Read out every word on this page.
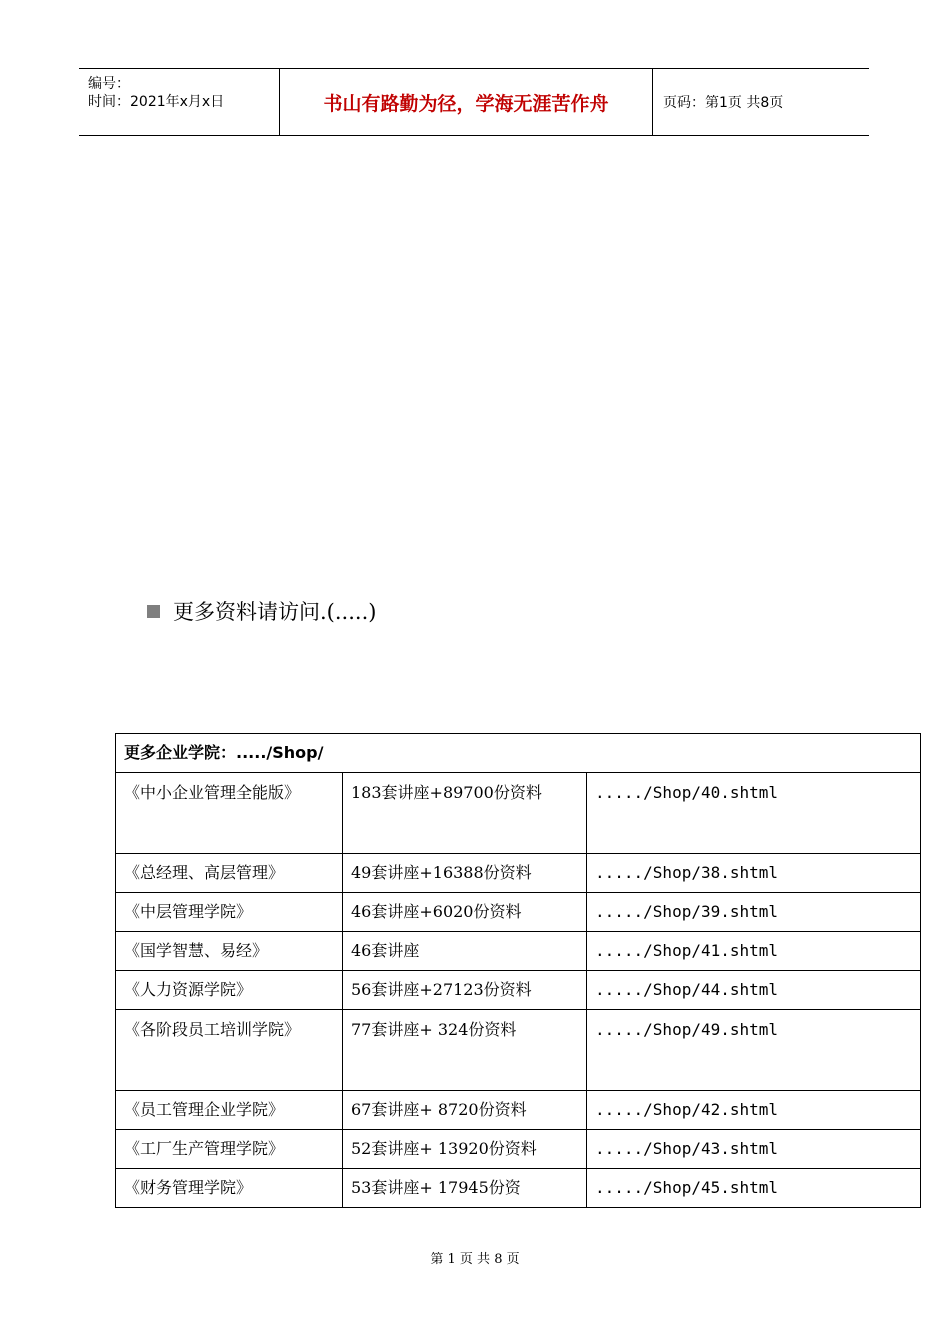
编号：
时间：2021年x月x日	书山有路勤为径，学海无涯苦作舟	页码：第1页 共8页
更多资料请访问.(.....)
更多企业学院：...../Shop/		
《中小企业管理全能版》	183套讲座+89700份资料	...../Shop/40.shtml
《总经理、高层管理》	49套讲座+16388份资料	...../Shop/38.shtml
《中层管理学院》	46套讲座+6020份资料	...../Shop/39.shtml
《国学智慧、易经》	46套讲座	...../Shop/41.shtml
《人力资源学院》	56套讲座+27123份资料	...../Shop/44.shtml
《各阶段员工培训学院》	77套讲座+ 324份资料	...../Shop/49.shtml
《员工管理企业学院》	67套讲座+ 8720份资料	...../Shop/42.shtml
《工厂生产管理学院》	52套讲座+ 13920份资料	...../Shop/43.shtml
《财务管理学院》	53套讲座+ 17945份资	...../Shop/45.shtml
第 1 页 共 8 页
